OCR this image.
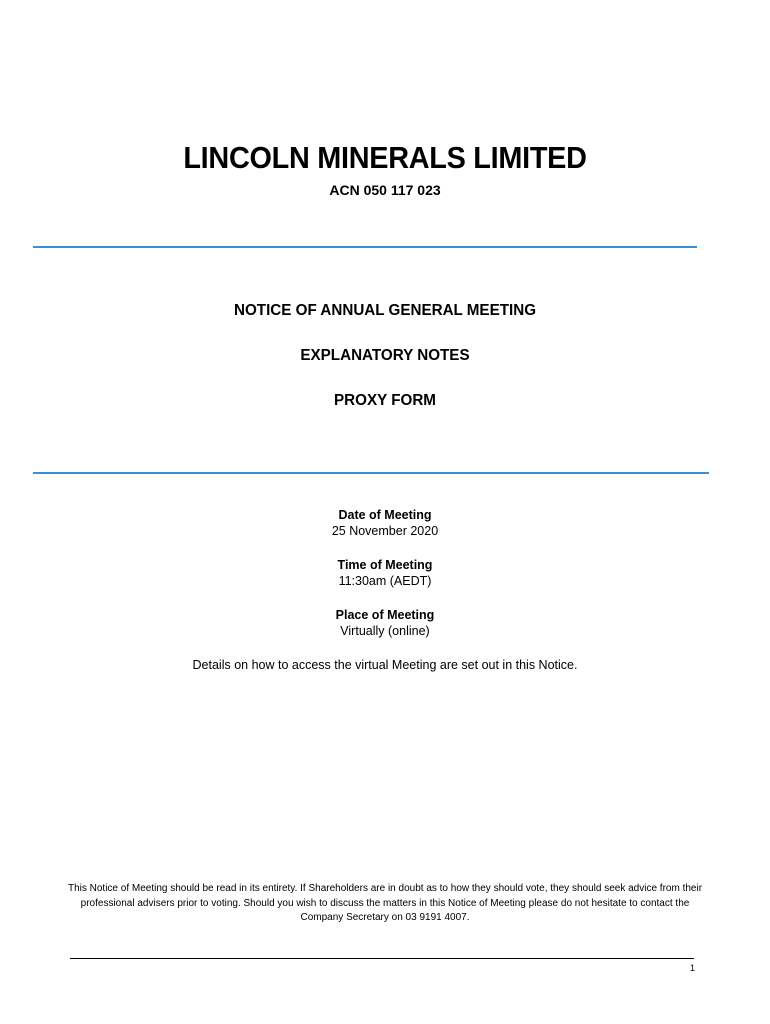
LINCOLN MINERALS LIMITED

ACN 050 117 023

NOTICE OF ANNUAL GENERAL MEETING
EXPLANATORY NOTES
PROXY FORM

Date of Meeting

25 November 2020

Time of Meeting

11:30am (AEDT)

Place of Meeting

Virtually (online)

Details on how to access the virtual Meeting are set out in this Notice.

This Notice of Meeting should be read in its entirety. If Shareholders are in doubt as to how they should vote, they should seek advice from their professional advisers prior to voting. Should you wish to discuss the matters in this Notice of Meeting please do not hesitate to contact the Company Secretary on 03 9191 4007.

1
